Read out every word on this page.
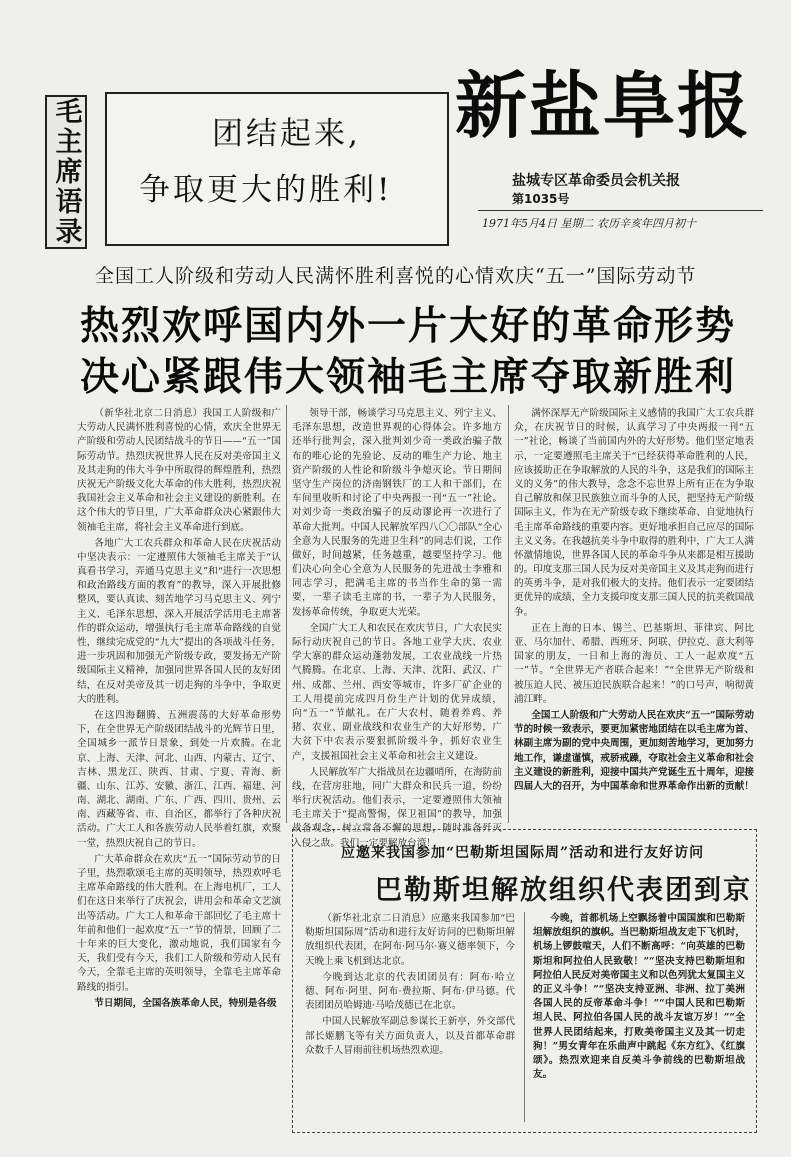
毛主席语录	团结起来,
争取更大的胜利!
新盐阜报
盐城专区革命委员会机关报
第1035号
1971年5月4日 星期二 农历辛亥年四月初十
全国工人阶级和劳动人民满怀胜利喜悦的心情欢庆“五一”国际劳动节
热烈欢呼国内外一片大好的革命形势
决心紧跟伟大领袖毛主席夺取新胜利

（新华社北京二日消息）我国工人阶级和广大劳动人民满怀胜利喜悦的心情，欢庆全世界无产阶级和劳动人民团结战斗的节日——“五一”国际劳动节。热烈庆祝世界人民在反对美帝国主义及其走狗的伟大斗争中所取得的辉煌胜利，热烈庆祝无产阶级文化大革命的伟大胜利，热烈庆祝我国社会主义革命和社会主义建设的新胜利。在这个伟大的节日里，广大革命群众决心紧跟伟大领袖毛主席，将社会主义革命进行到底。

各地广大工农兵群众和革命人民在庆祝活动中坚决表示：一定遵照伟大领袖毛主席关于“认真看书学习，弄通马克思主义”和“进行一次思想和政治路线方面的教育”的教导，深入开展批修整风，要认真读、刻苦地学习马克思主义、列宁主义、毛泽东思想，深入开展活学活用毛主席著作的群众运动，增强执行毛主席革命路线的自觉性，继续完成党的“九大”提出的各项战斗任务，进一步巩固和加强无产阶级专政，要发扬无产阶级国际主义精神，加强同世界各国人民的友好团结，在反对美帝及其一切走狗的斗争中，争取更大的胜利。

在这四海翻腾、五洲震荡的大好革命形势下，在全世界无产阶级团结战斗的光辉节日里，全国城乡一派节日景象，到处一片欢腾。在北京、上海、天津、河北、山西、内蒙古、辽宁、吉林、黑龙江、陕西、甘肃、宁夏、青海、新疆、山东、江苏、安徽、浙江、江西、福建、河南、湖北、湖南、广东、广西、四川、贵州、云南、西藏等省、市、自治区，都举行了各种庆祝活动。广大工人和各族劳动人民举着红旗，欢聚一堂，热烈庆祝自己的节日。

广大革命群众在欢庆“五一”国际劳动节的日子里，热烈歌颂毛主席的英明领导，热烈欢呼毛主席革命路线的伟大胜利。在上海电机厂，工人们在这日来举行了庆祝会，讲用会和革命文艺演出等活动。广大工人和革命干部回忆了毛主席十年前和他们一起欢度“五一”节的情景，回顾了二十年来的巨大变化，激动地说，我们国家有今天，我们受有今天，我们工人阶级和劳动人民有今天，全靠毛主席的英明领导，全靠毛主席革命路线的指引。

节日期间，全国各族革命人民，特别是各级

领导干部，畅谈学习马克思主义、列宁主义、毛泽东思想，改造世界观的心得体会。许多地方还举行批判会，深入批判刘少奇一类政治骗子散布的唯心论的先验论、反动的唯生产力论、地主资产阶级的人性论和阶级斗争熄灭论。节日期间坚守生产岗位的济南钢铁厂的工人和干部们，在车间里收听和讨论了中央两报一刊“五一”社论。对刘少奇一类政治骗子的反动谬论再一次进行了革命大批判。中国人民解放军四八〇〇部队“全心全意为人民服务的先进卫生科”的同志们说，工作做好，时间越紧，任务越重，越要坚持学习。他们决心向全心全意为人民服务的先进战士李雅和同志学习，把满毛主席的书当作生命的第一需要，一辈子读毛主席的书，一辈子为人民服务，发扬革命传统，争取更大光荣。

全国广大工人和农民在欢庆节日，广大农民实际行动庆祝自己的节日。各地工业学大庆、农业学大寨的群众运动蓬勃发展，工农业战线一片热气腾腾。在北京、上海、天津、沈阳、武汉、广州、成都、兰州、西安等城市，许多厂矿企业的工人用提前完成四月份生产计划的优异成绩，向“五一”节献礼。在广大农村，随着养鸡、养猪、农业、副业战线和农业生产的大好形势，广大贫下中农表示要狠抓阶级斗争，抓好农业生产，支援祖国社会主义革命和社会主义建设。

人民解放军广大指战员在边疆哨所，在海防前线，在营房驻地，同广大群众和民兵一道，纷纷举行庆祝活动。他们表示，一定要遵照伟大领袖毛主席关于“提高警惕，保卫祖国”的教导，加强战备观念，树立常备不懈的思想，随时准备歼灭入侵之敌。我们一定要解放台湾！

满怀深厚无产阶级国际主义感情的我国广大工农兵群众，在庆祝节日的时候，认真学习了中央两报一刊“五一”社论，畅谈了当前国内外的大好形势。他们坚定地表示，一定要遵照毛主席关于“已经获得革命胜利的人民，应该援助正在争取解放的人民的斗争，这是我们的国际主义的义务”的伟大教导，念念不忘世界上所有正在为争取自己解放和保卫民族独立而斗争的人民，把坚持无产阶级国际主义，作为在无产阶级专政下继续革命、自觉地执行毛主席革命路线的重要内容。更好地承担自己应尽的国际主义义务。在我越抗美斗争中取得的胜利中，广大工人满怀激情地说，世界各国人民的革命斗争从来都是相互援助的。印度支那三国人民为反对美帝国主义及其走狗而进行的英勇斗争，是对我们极大的支持。他们表示一定要团结更优异的成绩，全力支援印度支那三国人民的抗美救国战争。

正在上海的日本、锡兰、巴基斯坦、菲律宾、阿比亚、马尔加什、希腊、西班牙、阿联、伊拉克、意大利等国家的朋友，一日和上海的海员、工人一起欢度“五一”节。“全世界无产者联合起来！”“全世界无产阶级和被压迫人民、被压迫民族联合起来！”的口号声，响彻黄浦江畔。

全国工人阶级和广大劳动人民在欢庆“五一”国际劳动节的时候一致表示，要更加紧密地团结在以毛主席为首、林副主席为副的党中央周围，更加刻苦地学习，更加努力地工作，谦虚谨慎，戒骄戒躁，夺取社会主义革命和社会主义建设的新胜利，迎接中国共产党诞生五十周年，迎接四届人大的召开，为中国革命和世界革命作出新的贡献！

应邀来我国参加“巴勒斯坦国际周”活动和进行友好访问
巴勒斯坦解放组织代表团到京

（新华社北京二日消息）应邀来我国参加“巴勒斯坦国际周”活动和进行友好访问的巴勒斯坦解放组织代表团，在阿布·阿马尔·赛义德率领下，今天晚上乘飞机到达北京。

今晚到达北京的代表团团员有：阿布·哈立德、阿布·阿里、阿布·费拉斯、阿布·伊马德。代表团团员哈姆迪·马哈茂德已在北京。

中国人民解放军副总参谋长王新亭，外交部代部长姬鹏飞等有关方面负责人，以及首都革命群众数千人冒雨前往机场热烈欢迎。

今晚，首都机场上空飘扬着中国国旗和巴勒斯坦解放组织的旗帜。当巴勒斯坦战友走下飞机时，机场上锣鼓喧天，人们不断高呼：“向英雄的巴勒斯坦和阿拉伯人民致敬！”“坚决支持巴勒斯坦和阿拉伯人民反对美帝国主义和以色列犹太复国主义的正义斗争！”“坚决支持亚洲、非洲、拉丁美洲各国人民的反帝革命斗争！”“中国人民和巴勒斯坦人民、阿拉伯各国人民的战斗友谊万岁！”“全世界人民团结起来，打败美帝国主义及其一切走狗！”男女青年在乐曲声中跳起《东方红》、《红旗颂》。热烈欢迎来自反美斗争前线的巴勒斯坦战友。
